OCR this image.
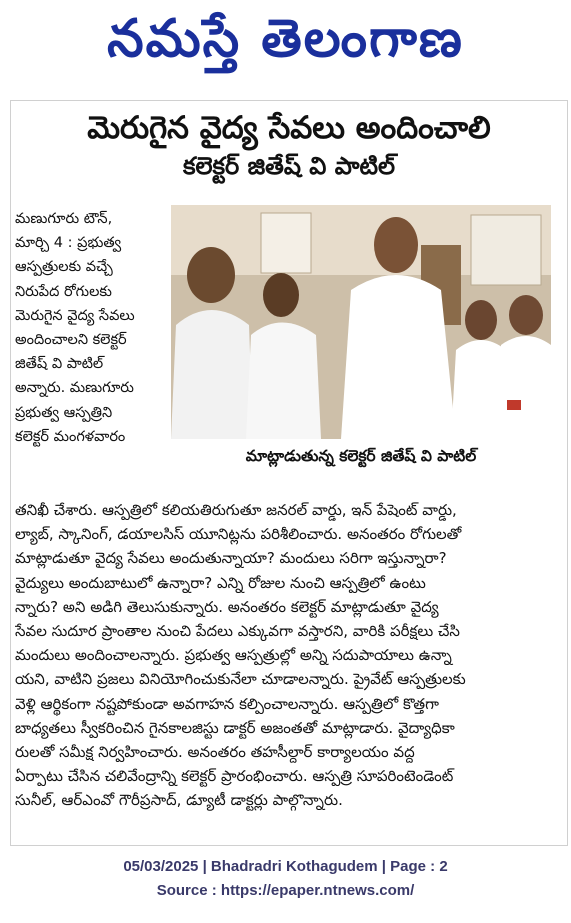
నమస్తే తెలంగాణ
మెరుగైన వైద్య సేవలు అందించాలి
కలెక్టర్ జితేష్ వి పాటిల్
మణుగూరు టౌన్,
మార్చి 4 : ప్రభుత్వ
ఆస్పత్రులకు వచ్చే
నిరుపేద రోగులకు
మెరుగైన వైద్య సేవలు
అందించాలని కలెక్టర్
జితేష్ వి పాటిల్
అన్నారు. మణుగూరు
ప్రభుత్వ ఆస్పత్రిని
కలెక్టర్ మంగళవారం
మాట్లాడుతున్న కలెక్టర్ జితేష్ వి పాటిల్
తనిఖీ చేశారు. ఆస్పత్రిలో కలియతిరుగుతూ జనరల్ వార్డు, ఇన్ పేషెంట్ వార్డు,
ల్యాబ్, స్కానింగ్, డయాలసిస్ యూనిట్లను పరిశీలించారు. అనంతరం రోగులతో
మాట్లాడుతూ వైద్య సేవలు అందుతున్నాయా? మందులు సరిగా ఇస్తున్నారా?
వైద్యులు అందుబాటులో ఉన్నారా? ఎన్ని రోజుల నుంచి ఆస్పత్రిలో ఉంటు
న్నారు? అని అడిగి తెలుసుకున్నారు. అనంతరం కలెక్టర్ మాట్లాడుతూ వైద్య
సేవల సుదూర ప్రాంతాల నుంచి పేదలు ఎక్కువగా వస్తారని, వారికి పరీక్షలు చేసి
మందులు అందించాలన్నారు. ప్రభుత్వ ఆస్పత్రుల్లో అన్ని సదుపాయాలు ఉన్నా
యని, వాటిని ప్రజలు వినియోగించుకునేలా చూడాలన్నారు. ప్రైవేట్ ఆస్పత్రులకు
వెళ్లి ఆర్థికంగా నష్టపోకుండా అవగాహన కల్పించాలన్నారు. ఆస్పత్రిలో కొత్తగా
బాధ్యతలు స్వీకరించిన గైనకాలజిస్టు డాక్టర్ అజంతతో మాట్లాడారు. వైద్యాధికా
రులతో సమీక్ష నిర్వహించారు. అనంతరం తహసీల్దార్ కార్యాలయం వద్ద
ఏర్పాటు చేసిన చలివేంద్రాన్ని కలెక్టర్ ప్రారంభించారు. ఆస్పత్రి సూపరింటెండెంట్
సునీల్, ఆర్ఎంవో గౌరీప్రసాద్, డ్యూటీ డాక్టర్లు పాల్గొన్నారు.
05/03/2025 | Bhadradri Kothagudem | Page : 2
Source : https://epaper.ntnews.com/
